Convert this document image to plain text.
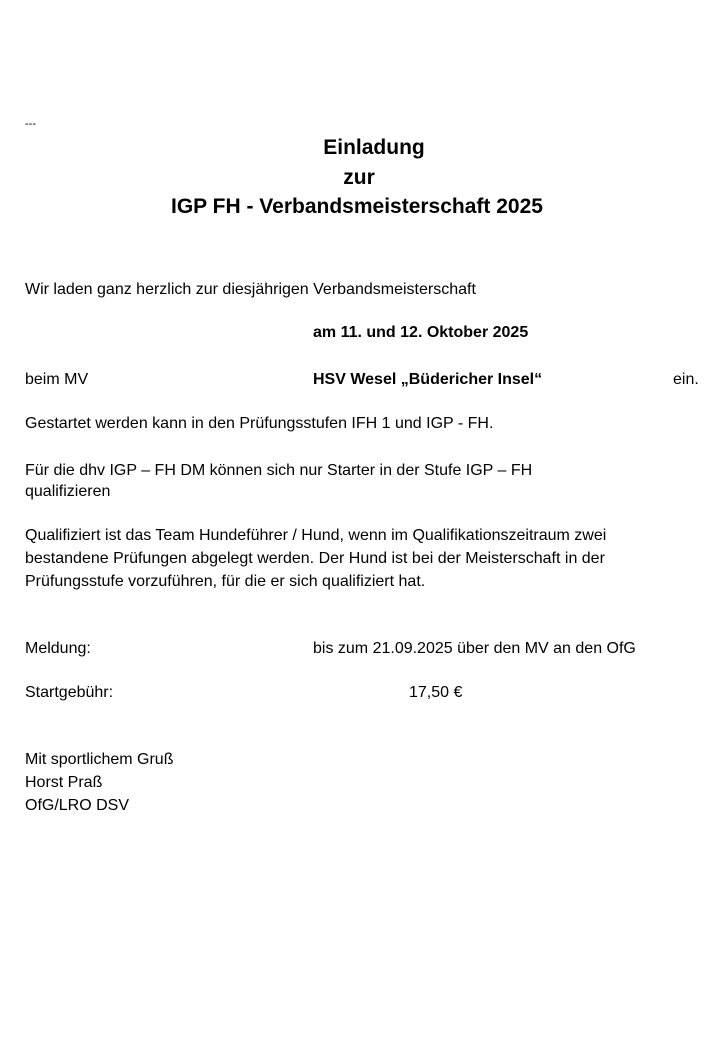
---
Einladung
zur
IGP FH - Verbandsmeisterschaft 2025
Wir laden ganz herzlich zur diesjährigen Verbandsmeisterschaft
am 11. und 12. Oktober 2025
beim MV	HSV Wesel „Büdericher Insel“	ein.
Gestartet werden kann in den Prüfungsstufen IFH 1 und IGP - FH.
Für die dhv IGP – FH DM können sich nur Starter in der Stufe IGP – FH
qualifizieren
Qualifiziert ist das Team Hundeführer / Hund, wenn im Qualifikationszeitraum zwei
bestandene Prüfungen abgelegt werden. Der Hund ist bei der Meisterschaft in der
Prüfungsstufe vorzuführen, für die er sich qualifiziert hat.
Meldung:	bis zum 21.09.2025 über den MV an den OfG
Startgebühr:	17,50 €
Mit sportlichem Gruß
Horst Praß
OfG/LRO DSV
